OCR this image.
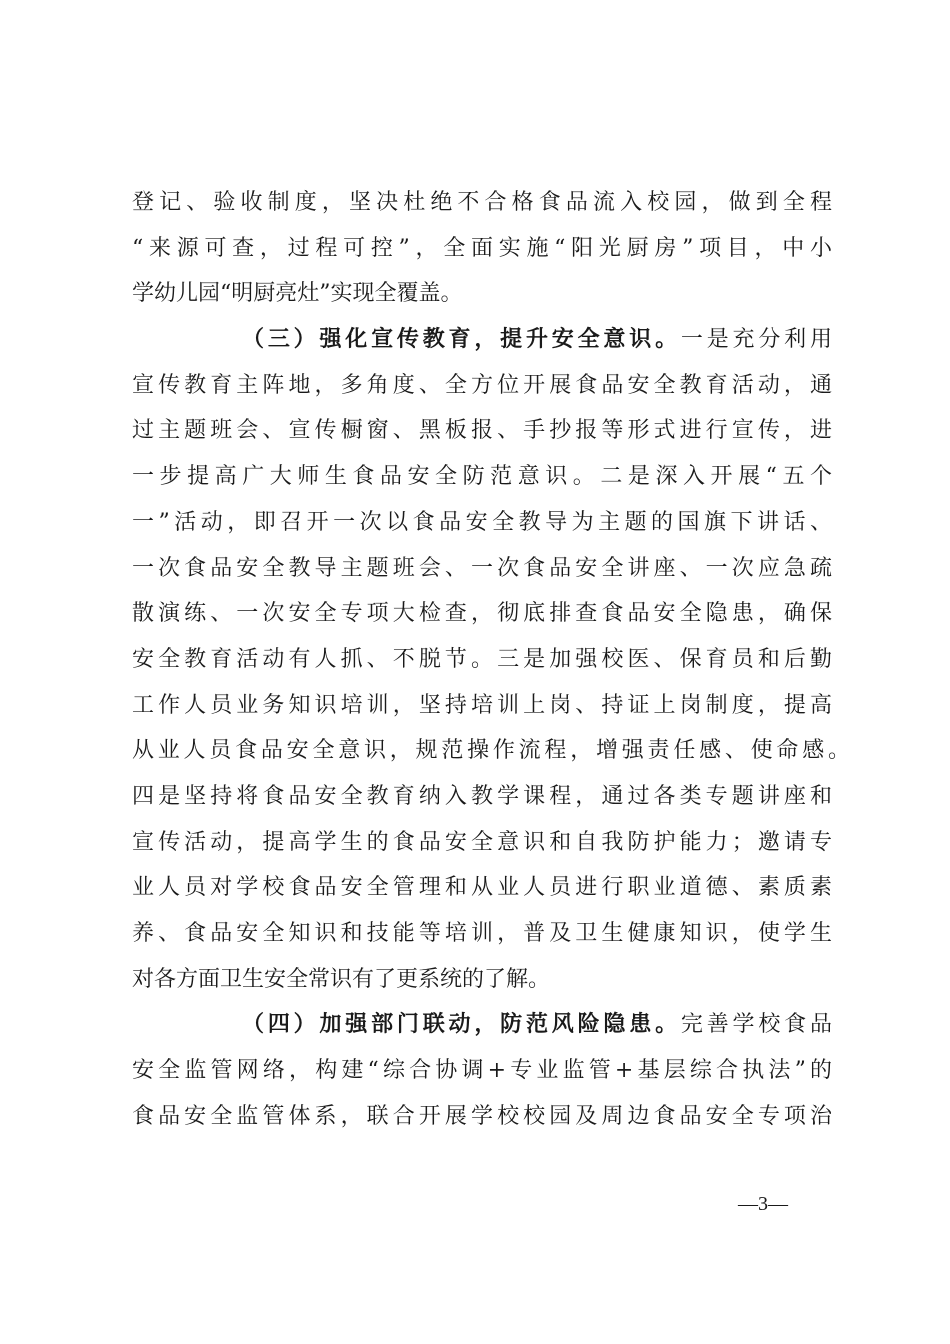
登记、验收制度，坚决杜绝不合格食品流入校园，做到全程
“来源可查，过程可控”，全面实施“阳光厨房”项目，中小
学幼儿园“明厨亮灶”实现全覆盖。
（三）强化宣传教育，提升安全意识。一是充分利用
宣传教育主阵地，多角度、全方位开展食品安全教育活动，通
过主题班会、宣传橱窗、黑板报、手抄报等形式进行宣传，进
一步提高广大师生食品安全防范意识。二是深入开展“五个
一”活动，即召开一次以食品安全教导为主题的国旗下讲话、
一次食品安全教导主题班会、一次食品安全讲座、一次应急疏
散演练、一次安全专项大检查，彻底排查食品安全隐患，确保
安全教育活动有人抓、不脱节。三是加强校医、保育员和后勤
工作人员业务知识培训，坚持培训上岗、持证上岗制度，提高
从业人员食品安全意识，规范操作流程，增强责任感、使命感。
四是坚持将食品安全教育纳入教学课程，通过各类专题讲座和
宣传活动，提高学生的食品安全意识和自我防护能力；邀请专
业人员对学校食品安全管理和从业人员进行职业道德、素质素
养、食品安全知识和技能等培训，普及卫生健康知识，使学生
对各方面卫生安全常识有了更系统的了解。
（四）加强部门联动，防范风险隐患。完善学校食品
安全监管网络，构建“综合协调+专业监管+基层综合执法”的
食品安全监管体系，联合开展学校校园及周边食品安全专项治
—3—
